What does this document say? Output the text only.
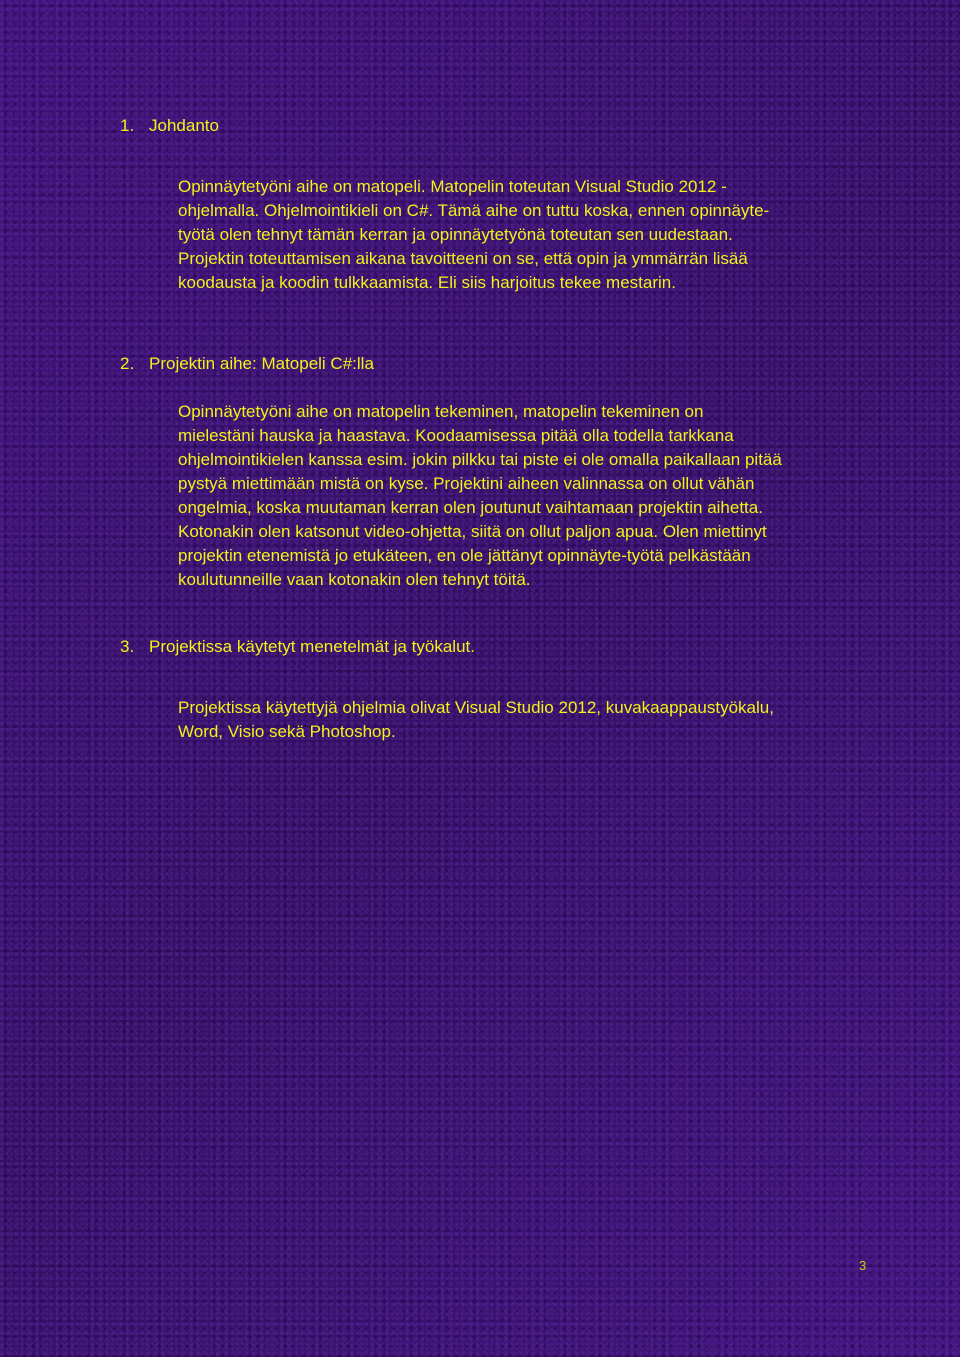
1. Johdanto
Opinnäytetyöni aihe on matopeli. Matopelin toteutan Visual Studio 2012 -
ohjelmalla. Ohjelmointikieli on C#. Tämä aihe on tuttu koska, ennen opinnäyte-
työtä olen tehnyt tämän kerran ja opinnäytetyönä toteutan sen uudestaan.
Projektin toteuttamisen aikana tavoitteeni on se, että opin ja ymmärrän lisää
koodausta ja koodin tulkkaamista. Eli siis harjoitus tekee mestarin.
2. Projektin aihe: Matopeli C#:lla
Opinnäytetyöni aihe on matopelin tekeminen, matopelin tekeminen on
mielestäni hauska ja haastava. Koodaamisessa pitää olla todella tarkkana
ohjelmointikielen kanssa esim. jokin pilkku tai piste ei ole omalla paikallaan pitää
pystyä miettimään mistä on kyse. Projektini aiheen valinnassa on ollut vähän
ongelmia, koska muutaman kerran olen joutunut vaihtamaan projektin aihetta.
Kotonakin olen katsonut video-ohjetta, siitä on ollut paljon apua. Olen miettinyt
projektin etenemistä jo etukäteen, en ole jättänyt opinnäyte-työtä pelkästään
koulutunneille vaan kotonakin olen tehnyt töitä.
3. Projektissa käytetyt menetelmät ja työkalut.
Projektissa käytettyjä ohjelmia olivat Visual Studio 2012, kuvakaappaustyökalu,
Word, Visio sekä Photoshop.
3
